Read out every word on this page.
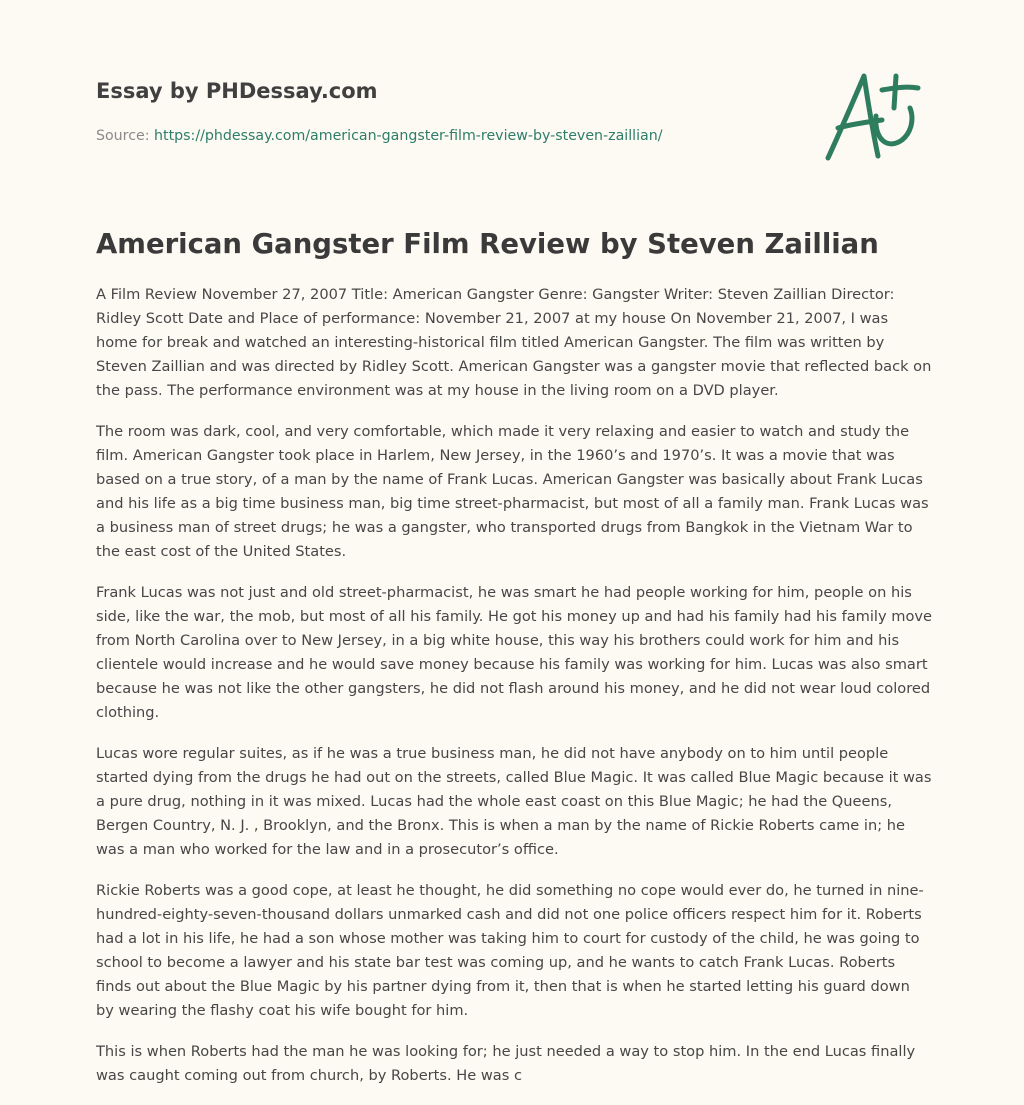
Essay by PHDessay.com
Source: https://phdessay.com/american-gangster-film-review-by-steven-zaillian/
American Gangster Film Review by Steven Zaillian

A Film Review November 27, 2007 Title: American Gangster Genre: Gangster Writer: Steven Zaillian Director: Ridley Scott Date and Place of performance: November 21, 2007 at my house On November 21, 2007, I was home for break and watched an interesting-historical film titled American Gangster. The film was written by Steven Zaillian and was directed by Ridley Scott. American Gangster was a gangster movie that reflected back on the pass. The performance environment was at my house in the living room on a DVD player.

The room was dark, cool, and very comfortable, which made it very relaxing and easier to watch and study the film. American Gangster took place in Harlem, New Jersey, in the 1960’s and 1970’s. It was a movie that was based on a true story, of a man by the name of Frank Lucas. American Gangster was basically about Frank Lucas and his life as a big time business man, big time street-pharmacist, but most of all a family man. Frank Lucas was a business man of street drugs; he was a gangster, who transported drugs from Bangkok in the Vietnam War to the east cost of the United States.

Frank Lucas was not just and old street-pharmacist, he was smart he had people working for him, people on his side, like the war, the mob, but most of all his family. He got his money up and had his family had his family move from North Carolina over to New Jersey, in a big white house, this way his brothers could work for him and his clientele would increase and he would save money because his family was working for him. Lucas was also smart because he was not like the other gangsters, he did not flash around his money, and he did not wear loud colored clothing.

Lucas wore regular suites, as if he was a true business man, he did not have anybody on to him until people started dying from the drugs he had out on the streets, called Blue Magic. It was called Blue Magic because it was a pure drug, nothing in it was mixed. Lucas had the whole east coast on this Blue Magic; he had the Queens, Bergen Country, N. J. , Brooklyn, and the Bronx. This is when a man by the name of Rickie Roberts came in; he was a man who worked for the law and in a prosecutor’s office.

Rickie Roberts was a good cope, at least he thought, he did something no cope would ever do, he turned in nine-hundred-eighty-seven-thousand dollars unmarked cash and did not one police officers respect him for it. Roberts had a lot in his life, he had a son whose mother was taking him to court for custody of the child, he was going to school to become a lawyer and his state bar test was coming up, and he wants to catch Frank Lucas. Roberts finds out about the Blue Magic by his partner dying from it, then that is when he started letting his guard down by wearing the flashy coat his wife bought for him.

This is when Roberts had the man he was looking for; he just needed a way to stop him. In the end Lucas finally was caught coming out from church, by Roberts. He was c
